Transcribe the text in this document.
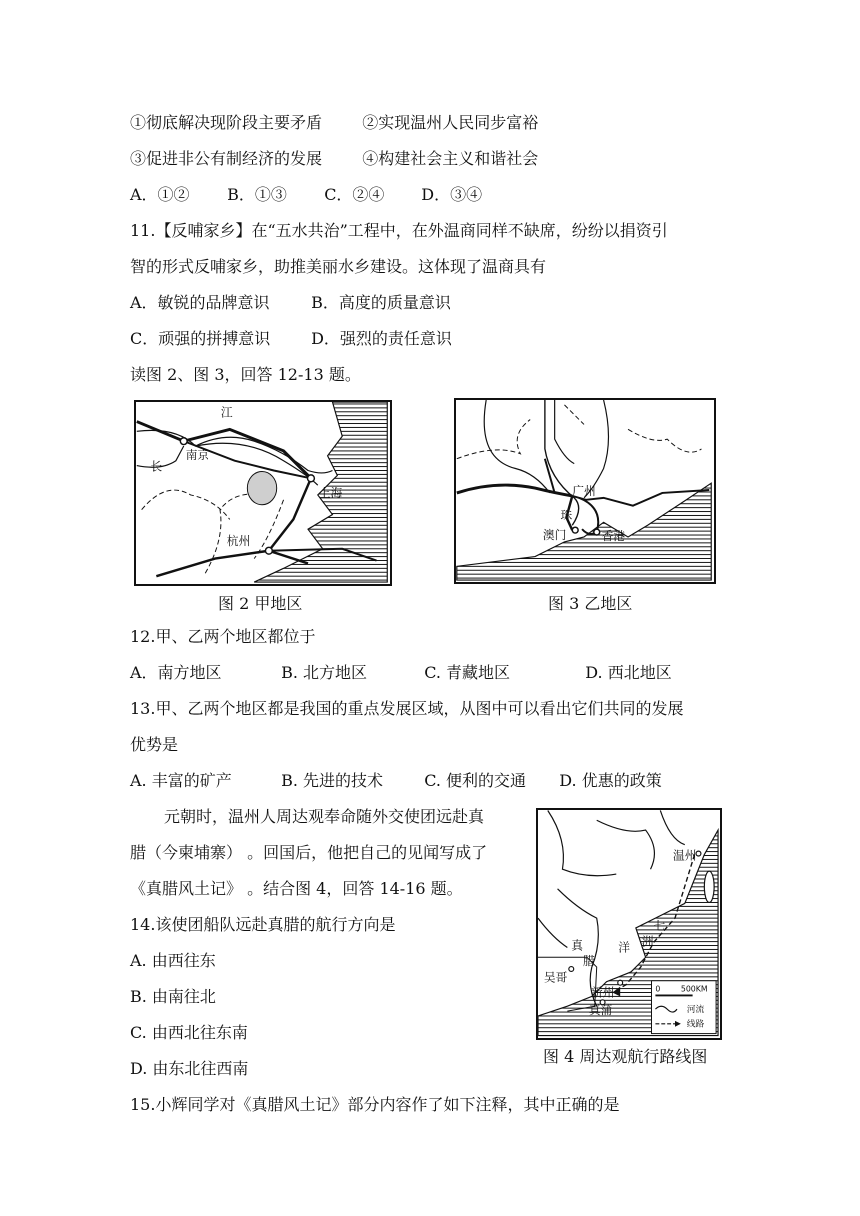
①彻底解决现阶段主要矛盾	②实现温州人民同步富裕
③促进非公有制经济的发展	④构建社会主义和谐社会
A．①② B．①③ C．②④ D．③④
11.【反哺家乡】在“五水共治”工程中，在外温商同样不缺席，纷纷以捐资引
智的形式反哺家乡，助推美丽水乡建设。这体现了温商具有
A．敏锐的品牌意识	B．高度的质量意识
C．顽强的拼搏意识	D．强烈的责任意识
读图 2、图 3，回答 12-13 题。
江
长
南京
上海
杭州
图 2 甲地区
广州
珠
澳门	香港
图 3 乙地区
12.甲、乙两个地区都位于
A．南方地区	B. 北方地区	C. 青藏地区	D. 西北地区
13.甲、乙两个地区都是我国的重点发展区域，从图中可以看出它们共同的发展
优势是
A. 丰富的矿产	B. 先进的技术	C. 便利的交通 D. 优惠的政策
元朝时，温州人周达观奉命随外交使团远赴真
腊（今柬埔寨） 。回国后，他把自己的见闻写成了
《真腊风土记》 。结合图 4，回答 14-16 题。
14.该使团船队远赴真腊的航行方向是
A. 由西往东
B. 由南往北
C. 由西北往东南
D. 由东北往西南
温州
七
洲
洋
真
腊
吴哥
新州
真蒲
0	500KM
河流
线路
图 4 周达观航行路线图
15.小辉同学对《真腊风土记》部分内容作了如下注释，其中正确的是
